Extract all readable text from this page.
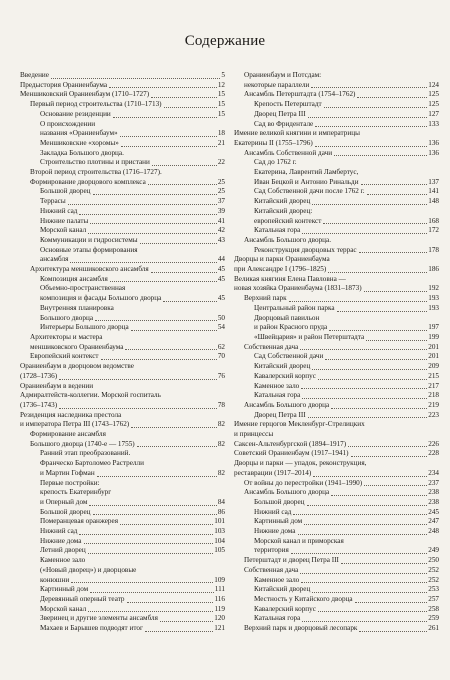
Содержание
Введение	5
Предыстория Ораниенбаума	12
Меншиковский Ораниенбаум (1710–1727)	15
Первый период строительства (1710–1713)	15
Основание резиденции	15
О происхождении
названия «Ораниенбаум»	18
Меншиковские «хоромы»	21
Закладка Большого дворца.
Строительство плотины и пристани	22
Второй период строительства (1716–1727).
Формирование дворцового комплекса	25
Большой дворец	25
Террасы	37
Нижний сад	39
Нижние палаты	41
Морской канал	42
Коммуникации и гидросистемы	43
Основные этапы формирования
ансамбля	44
Архитектура меншиковского ансамбля	45
Композиция ансамбля	45
Объемно-пространственная
композиция и фасады Большого дворца	45
Внутренняя планировка
Большого дворца	50
Интерьеры Большого дворца	54
Архитекторы и мастера
меншиковского Ораниенбаума	62
Европейский контекст	70
Ораниенбаум в дворцовом ведомстве
(1728–1736)	76
Ораниенбаум в ведении
Адмиралтейств-коллегии. Морской госпиталь
(1736–1743)	78
Резиденция наследника престола
и императора Петра III (1743–1762)	82
Формирование ансамбля
Большого дворца (1740-е — 1755)	82
Ранний этап преобразований.
Франческо Бартоломео Растрелли
и Мартин Гофман	82
Первые постройки:
крепость Екатеринбург
и Оперный дом	84
Большой дворец	86
Померанцевая оранжерея	101
Нижний сад	103
Нижние дома	104
Летний дворец	105
Каменное зало
(«Новый дворец») и дворцовые
конюшни	109
Картинный дом	111
Деревянный оперный театр	116
Морской канал	119
Зверинец и другие элементы ансамбля	120
Махаев и Барышев подводят итог	121
Ораниенбаум и Потсдам:
некоторые параллели	124
Ансамбль Петерштадта (1754–1762)	125
Крепость Петерштадт	125
Дворец Петра III	127
Сад во Фридентале	133
Имение великой княгини и императрицы
Екатерины II (1755–1796)	136
Ансамбль Собственной дачи	136
Сад до 1762 г.
Екатерина, Лаврентий Ламбертус,
Иван Бецкой и Антонио Ринальди	137
Сад Собственной дачи после 1762 г.	141
Китайский дворец	148
Китайский дворец:
европейский контекст	168
Катальная гора	172
Ансамбль Большого дворца.
Реконструкция дворцовых террас	178
Дворцы и парки Ораниенбаума
при Александре I (1796–1825)	186
Великая княгиня Елена Павловна —
новая хозяйка Ораниенбаума (1831–1873)	192
Верхний парк	193
Центральный район парка	193
Дворцовый павильон
и район Красного пруда	197
«Швейцария» и район Петерштадта	199
Собственная дача	201
Сад Собственной дачи	201
Китайский дворец	209
Кавалерский корпус	215
Каменное зало	217
Катальная гора	218
Ансамбль Большого дворца	219
Дворец Петра III	223
Имение герцогов Мекленбург-Стрелицких
и принцессы
Саксен-Альтенбургской (1894–1917)	226
Советский Ораниенбаум (1917–1941)	228
Дворцы и парки — упадок, реконструкция,
реставрации (1917–2014)	234
От войны до перестройки (1941–1990)	237
Ансамбль Большого дворца	238
Большой дворец	238
Нижний сад	245
Картинный дом	247
Нижние дома	248
Морской канал и приморская
территория	249
Петерштадт и дворец Петра III	250
Собственная дача	252
Каменное зало	252
Китайский дворец	253
Местность у Китайского дворца	257
Кавалерский корпус	258
Катальная гора	259
Верхний парк и дворцовый лесопарк	261
